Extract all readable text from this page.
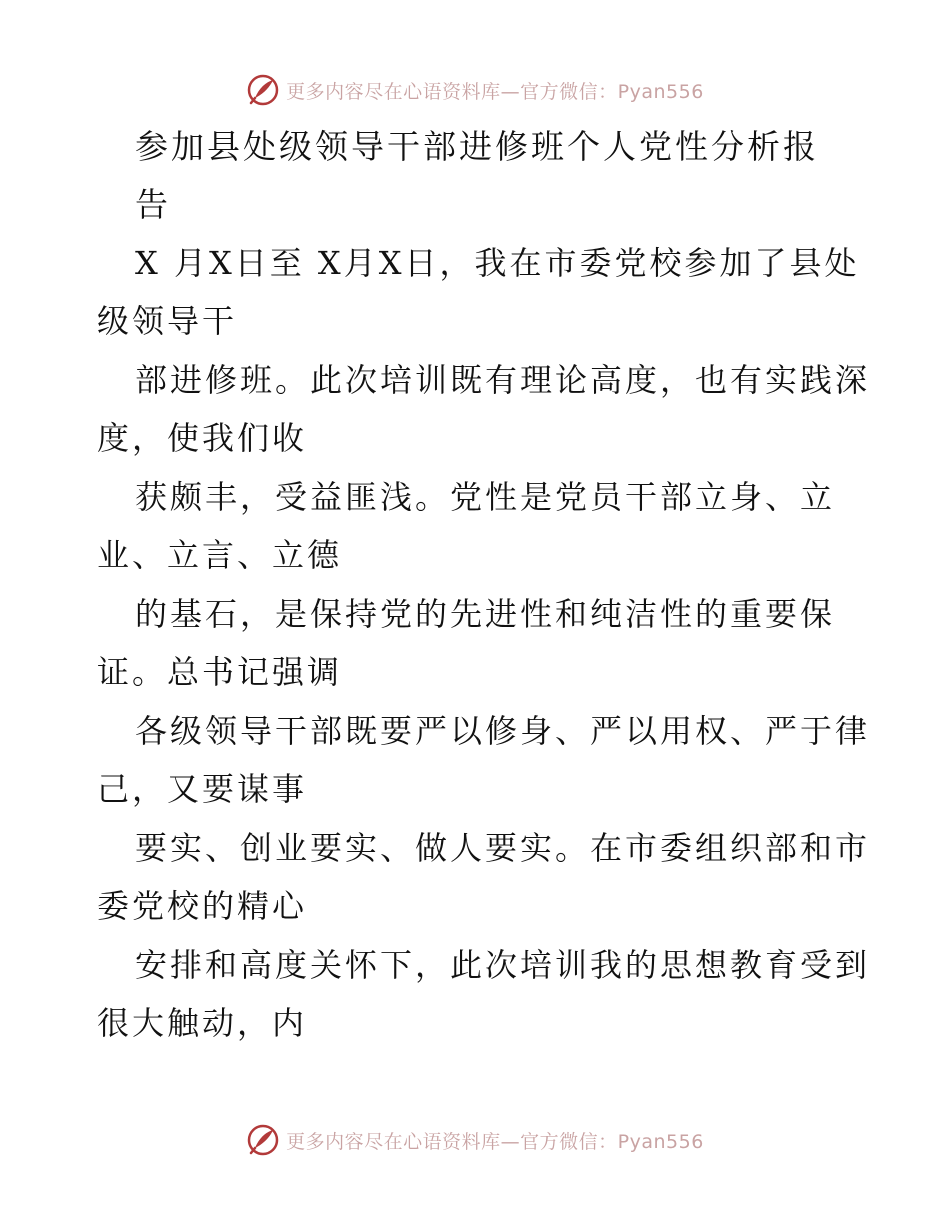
更多内容尽在心语资料库—官方微信：Pyan556
参加县处级领导干部进修班个人党性分析报
告
X 月X日至 X月X日，我在市委党校参加了县处
级领导干
部进修班。此次培训既有理论高度，也有实践深
度，使我们收
获颇丰，受益匪浅。党性是党员干部立身、立
业、立言、立德
的基石，是保持党的先进性和纯洁性的重要保
证。总书记强调
各级领导干部既要严以修身、严以用权、严于律
己，又要谋事
要实、创业要实、做人要实。在市委组织部和市
委党校的精心
安排和高度关怀下，此次培训我的思想教育受到
很大触动，内
更多内容尽在心语资料库—官方微信：Pyan556
